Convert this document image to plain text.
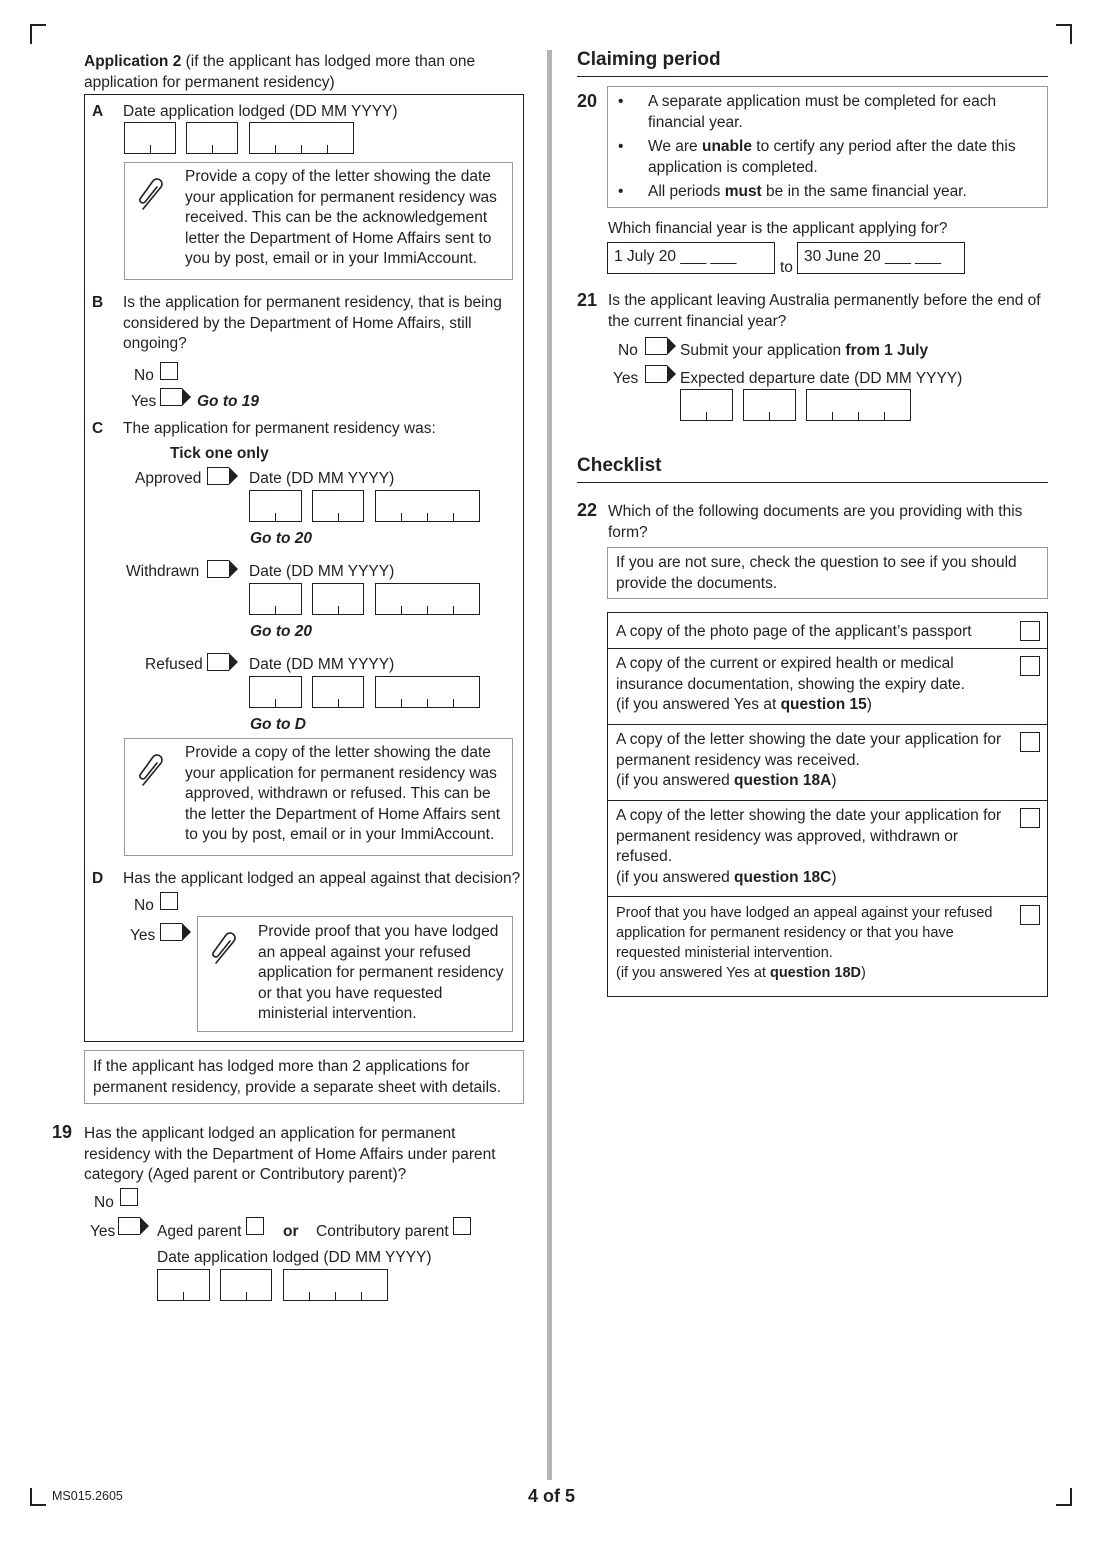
Application 2 (if the applicant has lodged more than one application for permanent residency)
A Date application lodged (DD MM YYYY)
Provide a copy of the letter showing the date your application for permanent residency was received. This can be the acknowledgement letter the Department of Home Affairs sent to you by post, email or in your ImmiAccount.
B Is the application for permanent residency, that is being considered by the Department of Home Affairs, still ongoing?
No
Yes	Go to 19
C The application for permanent residency was:
Tick one only
Approved	Date (DD MM YYYY)
Go to 20
Withdrawn	Date (DD MM YYYY)
Go to 20
Refused	Date (DD MM YYYY)
Go to D
Provide a copy of the letter showing the date your application for permanent residency was approved, withdrawn or refused. This can be the letter the Department of Home Affairs sent to you by post, email or in your ImmiAccount.
D Has the applicant lodged an appeal against that decision?
No
Yes	Provide proof that you have lodged an appeal against your refused application for permanent residency or that you have requested ministerial intervention.
If the applicant has lodged more than 2 applications for permanent residency, provide a separate sheet with details.
19 Has the applicant lodged an application for permanent residency with the Department of Home Affairs under parent category (Aged parent or Contributory parent)?
No
Yes	Aged parent	or Contributory parent
Date application lodged (DD MM YYYY)
Claiming period
20
•	A separate application must be completed for each financial year.
• We are unable to certify any period after the date this application is completed.
• All periods must be in the same financial year.
Which financial year is the applicant applying for?
1 July 20 ___ ___
to
30 June 20 ___ ___
21 Is the applicant leaving Australia permanently before the end of the current financial year?
No	Submit your application from 1 July
Yes	Expected departure date (DD MM YYYY)
Checklist
22 Which of the following documents are you providing with this form?
If you are not sure, check the question to see if you should provide the documents.
A copy of the photo page of the applicant’s passport
A copy of the current or expired health or medical insurance documentation, showing the expiry date.
(if you answered Yes at question 15)
A copy of the letter showing the date your application for permanent residency was received.
(if you answered question 18A)
A copy of the letter showing the date your application for permanent residency was approved, withdrawn or refused.
(if you answered question 18C)
Proof that you have lodged an appeal against your refused application for permanent residency or that you have requested ministerial intervention.
(if you answered Yes at question 18D)
MS015.2605	4 of 5
